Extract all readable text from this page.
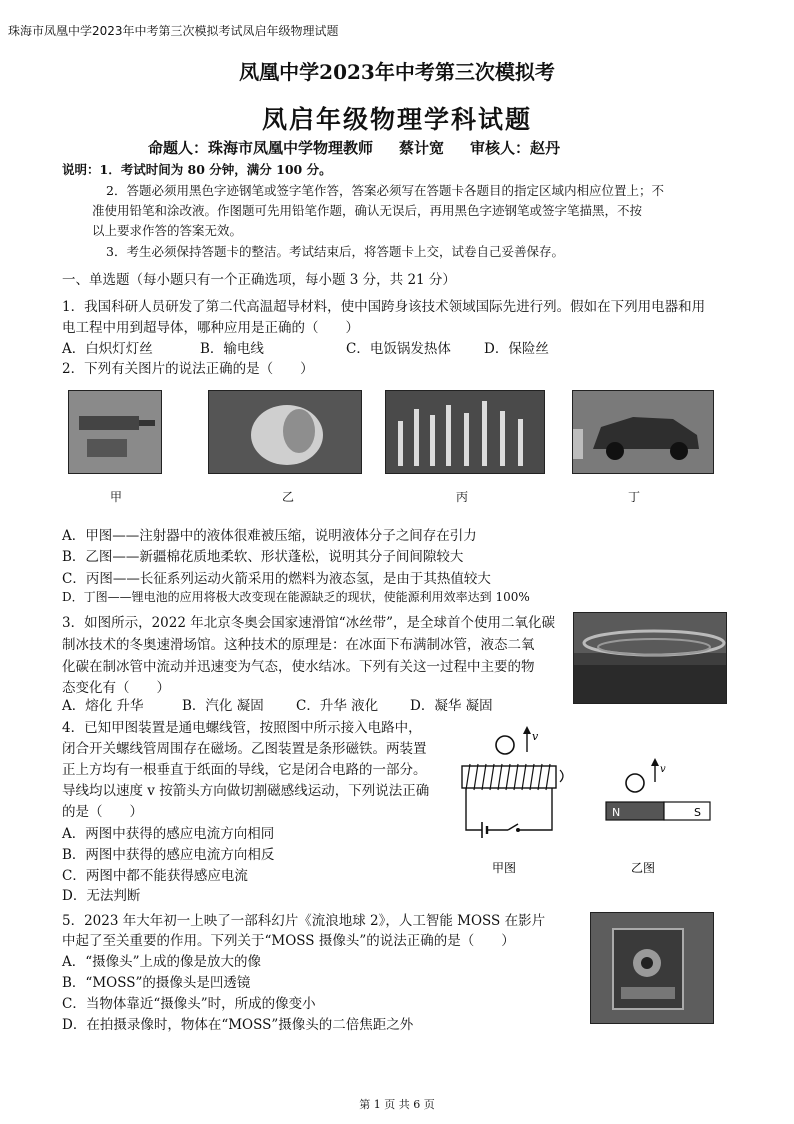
珠海市凤凰中学2023年中考第三次模拟考试凤启年级物理试题
凤凰中学2023年中考第三次模拟考
凤启年级物理学科试题
命题人：珠海市凤凰中学物理教师 蔡计宽 审核人：赵丹
说明：1．考试时间为 80 分钟，满分 100 分。
2．答题必须用黑色字迹钢笔或签字笔作答，答案必须写在答题卡各题目的指定区域内相应位置上；不
准使用铅笔和涂改液。作图题可先用铅笔作题，确认无误后，再用黑色字迹钢笔或签字笔描黑，不按
以上要求作答的答案无效。
3．考生必须保持答题卡的整洁。考试结束后，将答题卡上交，试卷自己妥善保存。
一、单选题（每小题只有一个正确选项，每小题 3 分，共 21 分）
1．我国科研人员研发了第二代高温超导材料，使中国跨身该技术领域国际先进行列。假如在下列用电器和用
电工程中用到超导体，哪种应用是正确的（　　）
A．白炽灯灯丝	B．输电线	C．电饭锅发热体 D．保险丝
2．下列有关图片的说法正确的是（　　）
甲	乙	丙	丁
A．甲图——注射器中的液体很难被压缩，说明液体分子之间存在引力
B．乙图——新疆棉花质地柔软、形状蓬松，说明其分子间间隙较大
C．丙图——长征系列运动火箭采用的燃料为液态氢，是由于其热值较大
D．丁图——锂电池的应用将极大改变现在能源缺乏的现状，使能源利用效率达到 100%
3．如图所示，2022 年北京冬奥会国家速滑馆“冰丝带”，是全球首个使用二氧化碳
制冰技术的冬奥速滑场馆。这种技术的原理是：在冰面下布满制冰管，液态二氧
化碳在制冰管中流动并迅速变为气态，使水结冰。下列有关这一过程中主要的物
态变化有（　　）
A．熔化 升华	B．汽化 凝固 C．升华 液化 D．凝华 凝固
4．已知甲图装置是通电螺线管，按照图中所示接入电路中，
闭合开关螺线管周围存在磁场。乙图装置是条形磁铁。两装置
正上方均有一根垂直于纸面的导线，它是闭合电路的一部分。
导线均以速度 v 按箭头方向做切割磁感线运动，下列说法正确
的是（　　）
A．两图中获得的感应电流方向相同
B．两图中获得的感应电流方向相反
C．两图中都不能获得感应电流
D．无法判断
v
甲图
v
N	S
乙图
5．2023 年大年初一上映了一部科幻片《流浪地球 2》，人工智能 MOSS 在影片
中起了至关重要的作用。下列关于“MOSS 摄像头”的说法正确的是（　　）
A．“摄像头”上成的像是放大的像
B．“MOSS”的摄像头是凹透镜
C．当物体靠近“摄像头”时，所成的像变小
D．在拍摄录像时，物体在“MOSS”摄像头的二倍焦距之外
第 1 页 共 6 页
